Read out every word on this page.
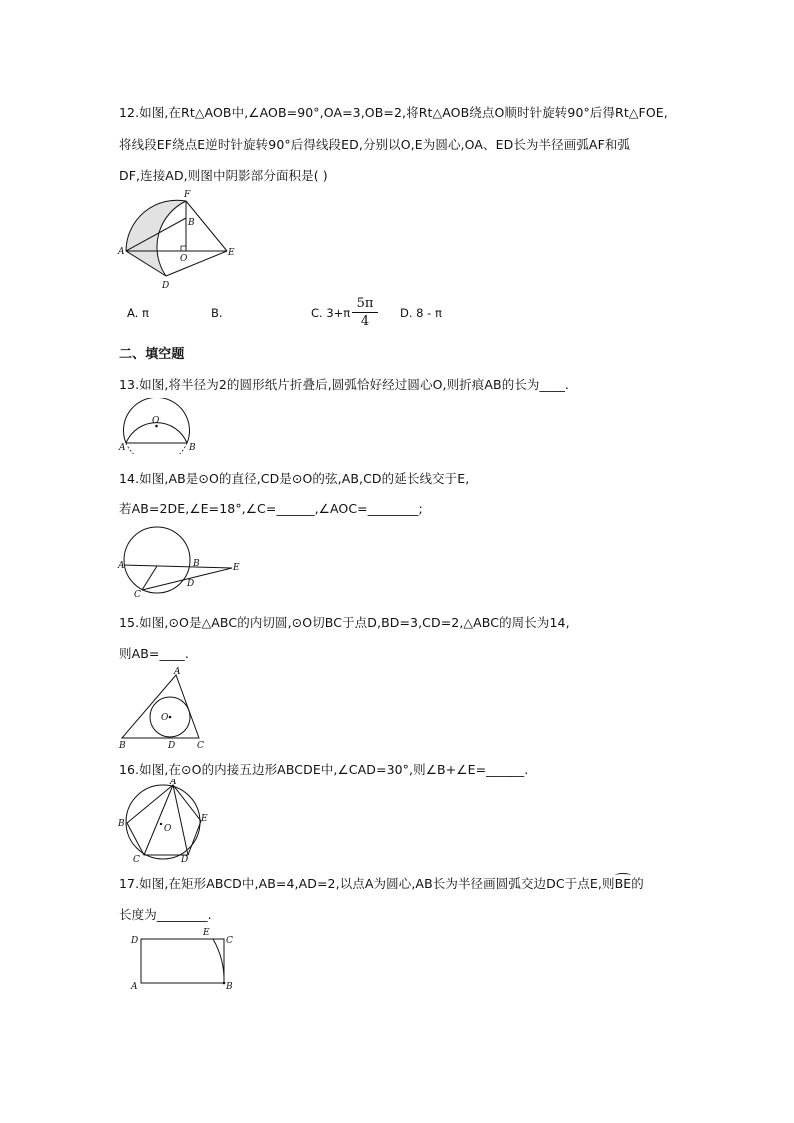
12.如图,在Rt△AOB中,∠AOB=90°,OA=3,OB=2,将Rt△AOB绕点O顺时针旋转90°后得Rt△FOE,
将线段EF绕点E逆时针旋转90°后得线段ED,分别以O,E为圆心,OA、ED长为半径画弧AF和弧
DF,连接AD,则图中阴影部分面积是( )
F
B
A
O
E
D
A. π	B.	$\frac{5\pi}{4}$
C. 3+π	D. 8 - π
二、填空题
13.如图,将半径为2的圆形纸片折叠后,圆弧恰好经过圆心O,则折痕AB的长为____.
O
A	B
14.如图,AB是⊙O的直径,CD是⊙O的弦,AB,CD的延长线交于E,
若AB=2DE,∠E=18°,∠C=______,∠AOC=________;
A	B	E
C
D
15.如图,⊙O是△ABC的内切圆,⊙O切BC于点D,BD=3,CD=2,△ABC的周长为14,
则AB=____.
A
O
B	D C
16.如图,在⊙O的内接五边形ABCDE中,∠CAD=30°,则∠B+∠E=______.
A
B	E
O
C	D
17.如图,在矩形ABCD中,AB=4,AD=2,以点A为圆心,AB长为半径画圆弧交边DC于点E,则BE的
长度为________.
D
E
C
A	B
